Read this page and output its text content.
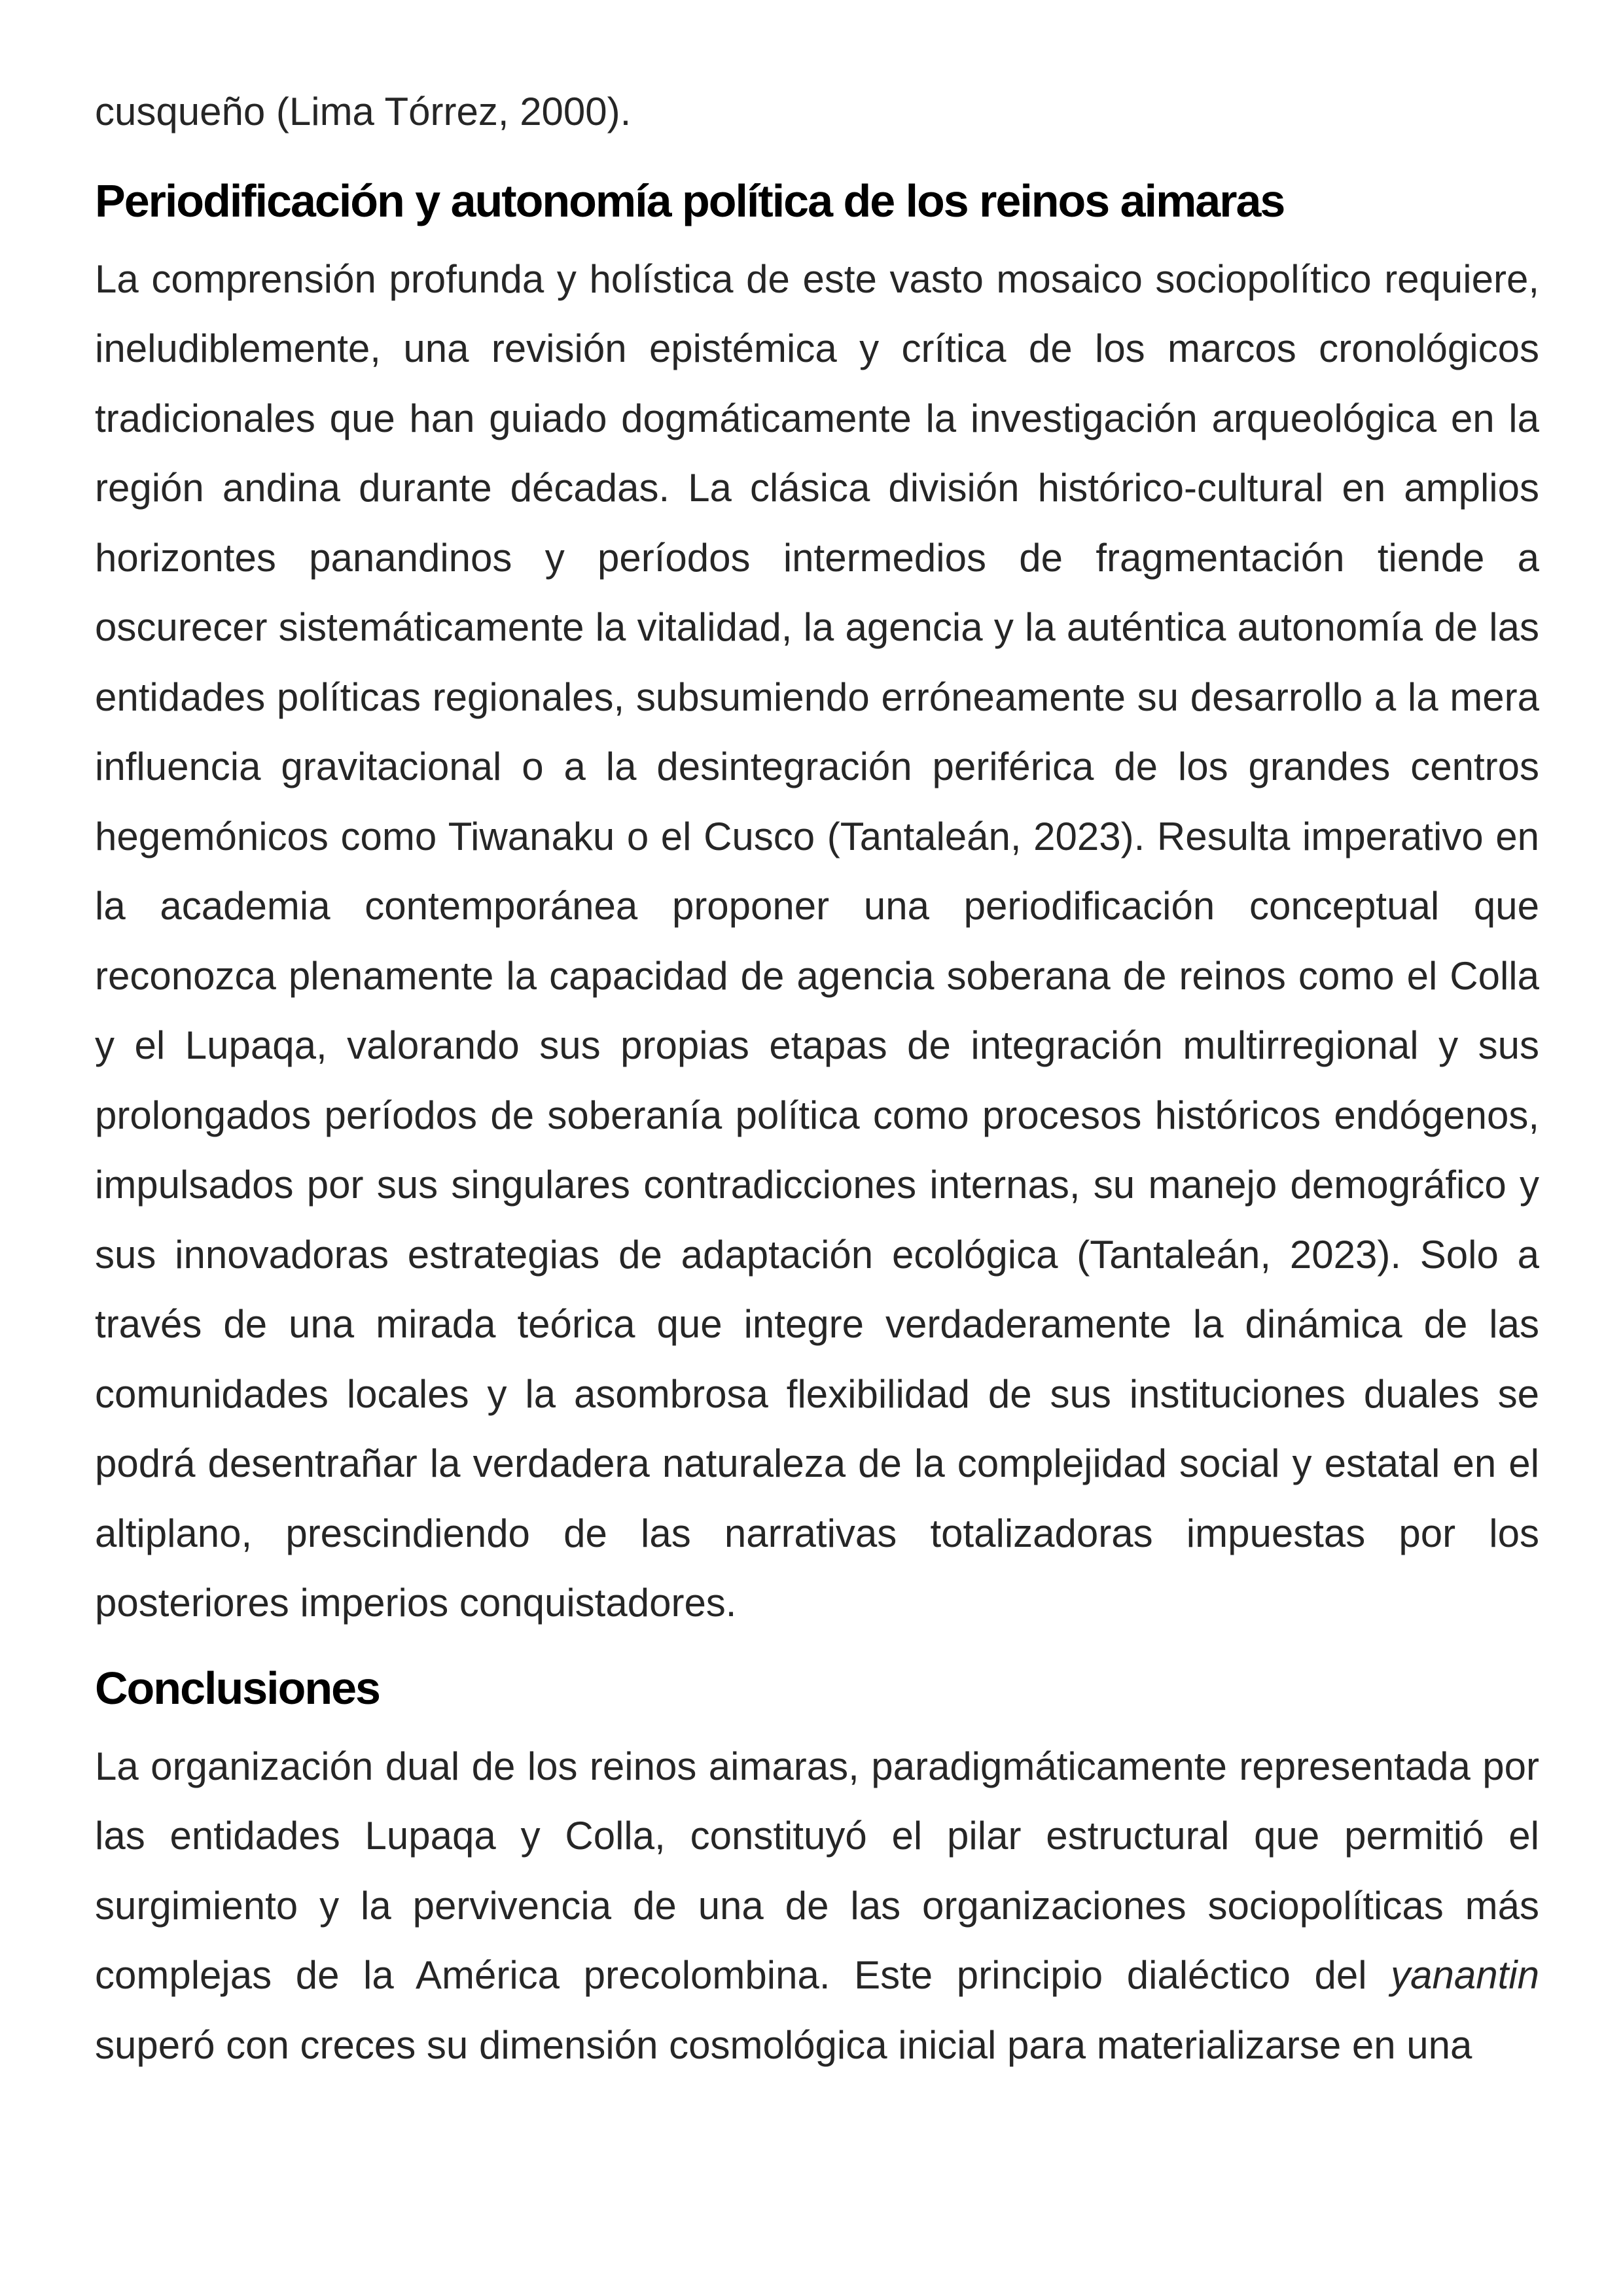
cusqueño (Lima Tórrez, 2000).

Periodificación y autonomía política de los reinos aimaras

La comprensión profunda y holística de este vasto mosaico sociopolítico requiere, ineludiblemente, una revisión epistémica y crítica de los marcos cronológicos tradicionales que han guiado dogmáticamente la investigación arqueológica en la región andina durante décadas. La clásica división histórico-cultural en amplios horizontes panandinos y períodos intermedios de fragmentación tiende a oscurecer sistemáticamente la vitalidad, la agencia y la auténtica autonomía de las entidades políticas regionales, subsumiendo erróneamente su desarrollo a la mera influencia gravitacional o a la desintegración periférica de los grandes centros hegemónicos como Tiwanaku o el Cusco (Tantaleán, 2023). Resulta imperativo en la academia contemporánea proponer una periodificación conceptual que reconozca plenamente la capacidad de agencia soberana de reinos como el Colla y el Lupaqa, valorando sus propias etapas de integración multirregional y sus prolongados períodos de soberanía política como procesos históricos endógenos, impulsados por sus singulares contradicciones internas, su manejo demográfico y sus innovadoras estrategias de adaptación ecológica (Tantaleán, 2023). Solo a través de una mirada teórica que integre verdaderamente la dinámica de las comunidades locales y la asombrosa flexibilidad de sus instituciones duales se podrá desentrañar la verdadera naturaleza de la complejidad social y estatal en el altiplano, prescindiendo de las narrativas totalizadoras impuestas por los posteriores imperios conquistadores.

Conclusiones

La organización dual de los reinos aimaras, paradigmáticamente representada por las entidades Lupaqa y Colla, constituyó el pilar estructural que permitió el surgimiento y la pervivencia de una de las organizaciones sociopolíticas más complejas de la América precolombina. Este principio dialéctico del yanantin superó con creces su dimensión cosmológica inicial para materializarse en una
